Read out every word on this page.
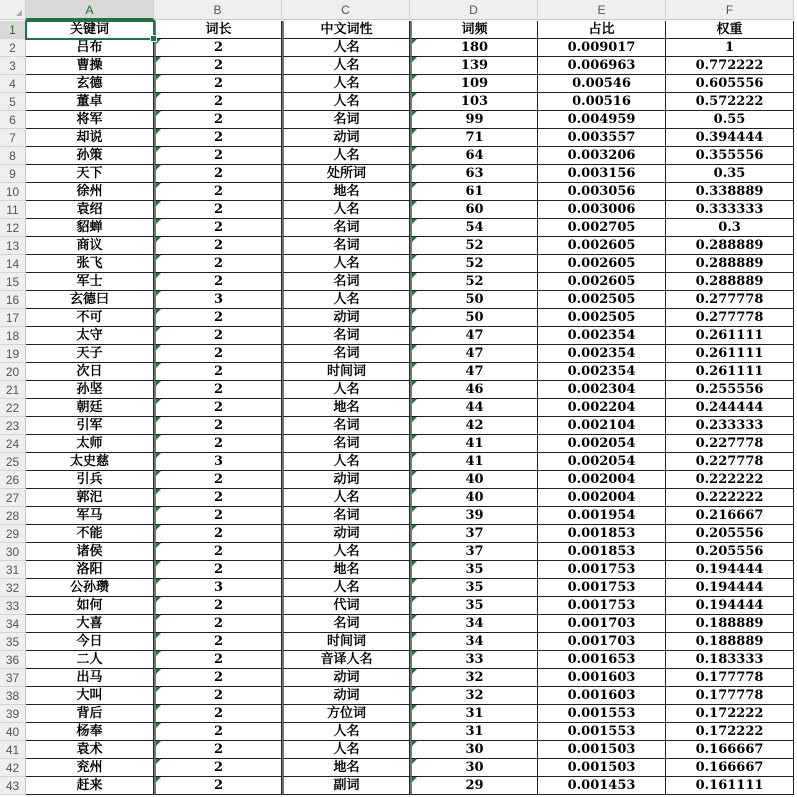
A	B	C	D	E	F
1	关键词	词长	中文词性	词频	占比	权重
2	吕布	2	人名	180	0.009017	1
3	曹操	2	人名	139	0.006963	0.772222
4	玄德	2	人名	109	0.00546	0.605556
5	董卓	2	人名	103	0.00516	0.572222
6	将军	2	名词	99	0.004959	0.55
7	却说	2	动词	71	0.003557	0.394444
8	孙策	2	人名	64	0.003206	0.355556
9	天下	2	处所词	63	0.003156	0.35
10	徐州	2	地名	61	0.003056	0.338889
11	袁绍	2	人名	60	0.003006	0.333333
12	貂蝉	2	名词	54	0.002705	0.3
13	商议	2	名词	52	0.002605	0.288889
14	张飞	2	人名	52	0.002605	0.288889
15	军士	2	名词	52	0.002605	0.288889
16	玄德曰	3	人名	50	0.002505	0.277778
17	不可	2	动词	50	0.002505	0.277778
18	太守	2	名词	47	0.002354	0.261111
19	天子	2	名词	47	0.002354	0.261111
20	次日	2	时间词	47	0.002354	0.261111
21	孙坚	2	人名	46	0.002304	0.255556
22	朝廷	2	地名	44	0.002204	0.244444
23	引军	2	名词	42	0.002104	0.233333
24	太师	2	名词	41	0.002054	0.227778
25	太史慈	3	人名	41	0.002054	0.227778
26	引兵	2	动词	40	0.002004	0.222222
27	郭汜	2	人名	40	0.002004	0.222222
28	军马	2	名词	39	0.001954	0.216667
29	不能	2	动词	37	0.001853	0.205556
30	诸侯	2	人名	37	0.001853	0.205556
31	洛阳	2	地名	35	0.001753	0.194444
32	公孙瓒	3	人名	35	0.001753	0.194444
33	如何	2	代词	35	0.001753	0.194444
34	大喜	2	名词	34	0.001703	0.188889
35	今日	2	时间词	34	0.001703	0.188889
36	二人	2	音译人名	33	0.001653	0.183333
37	出马	2	动词	32	0.001603	0.177778
38	大叫	2	动词	32	0.001603	0.177778
39	背后	2	方位词	31	0.001553	0.172222
40	杨奉	2	人名	31	0.001553	0.172222
41	袁术	2	人名	30	0.001503	0.166667
42	兖州	2	地名	30	0.001503	0.166667
43	赶来	2	副词	29	0.001453	0.161111
